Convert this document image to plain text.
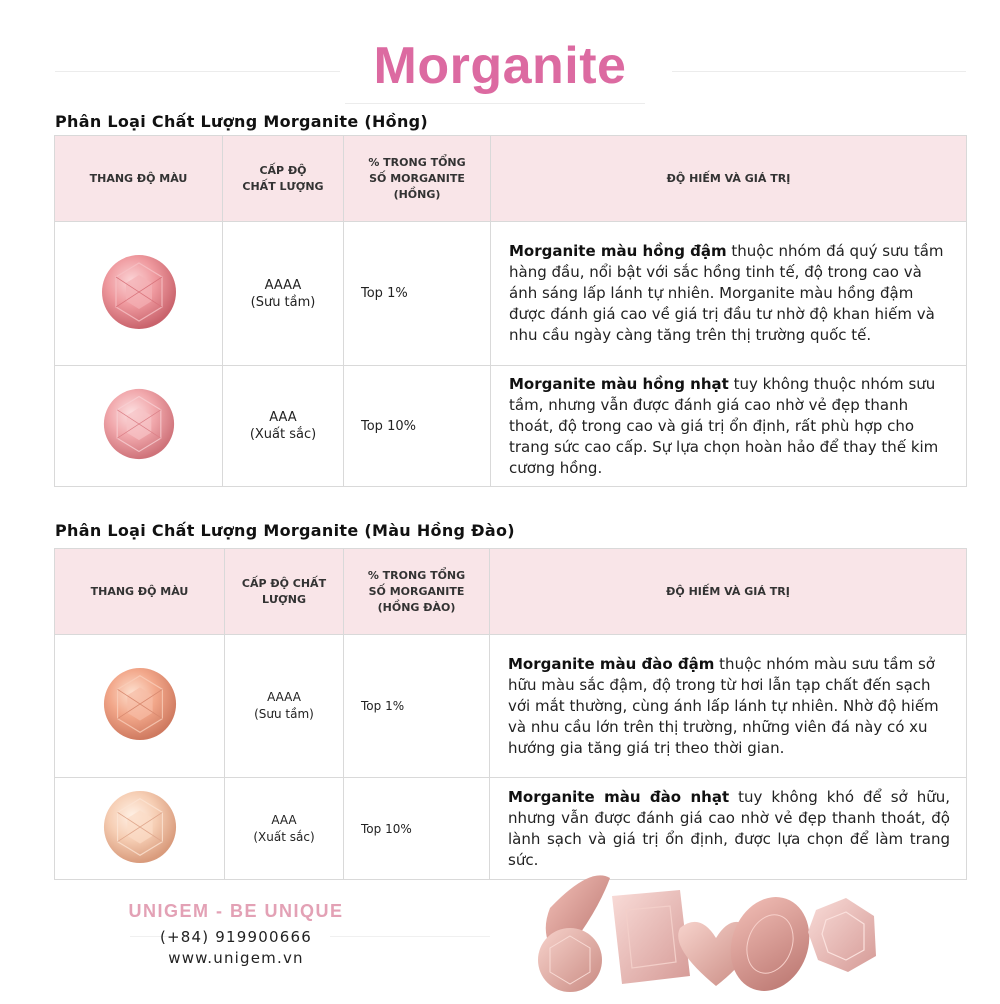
Morganite
Phân Loại Chất Lượng Morganite (Hồng)
THANG ĐỘ MÀU	CẤP ĐỘ CHẤT LƯỢNG	% TRONG TỔNG SỐ MORGANITE (HỒNG)	ĐỘ HIẾM VÀ GIÁ TRỊ

AAAA
(Sưu tầm)	Top 1%	Morganite màu hồng đậm thuộc nhóm đá quý sưu tầm hàng đầu, nổi bật với sắc hồng tinh tế, độ trong cao và ánh sáng lấp lánh tự nhiên. Morganite màu hồng đậm được đánh giá cao về giá trị đầu tư nhờ độ khan hiếm và nhu cầu ngày càng tăng trên thị trường quốc tế.

AAA
(Xuất sắc)	Top 10%	Morganite màu hồng nhạt tuy không thuộc nhóm sưu tầm, nhưng vẫn được đánh giá cao nhờ vẻ đẹp thanh thoát, độ trong cao và giá trị ổn định, rất phù hợp cho trang sức cao cấp. Sự lựa chọn hoàn hảo để thay thế kim cương hồng.
Phân Loại Chất Lượng Morganite (Màu Hồng Đào)
THANG ĐỘ MÀU	CẤP ĐỘ CHẤT LƯỢNG	% TRONG TỔNG SỐ MORGANITE (HỒNG ĐÀO)	ĐỘ HIẾM VÀ GIÁ TRỊ

AAAA
(Sưu tầm)	Top 1%	Morganite màu đào đậm thuộc nhóm màu sưu tầm sở hữu màu sắc đậm, độ trong từ hơi lẫn tạp chất đến sạch với mắt thường, cùng ánh lấp lánh tự nhiên. Nhờ độ hiếm và nhu cầu lớn trên thị trường, những viên đá này có xu hướng gia tăng giá trị theo thời gian.

AAA
(Xuất sắc)	Top 10%	Morganite màu đào nhạt tuy không khó để sở hữu, nhưng vẫn được đánh giá cao nhờ vẻ đẹp thanh thoát, độ lành sạch và giá trị ổn định, được lựa chọn để làm trang sức.
UNIGEM - BE UNIQUE
(+84) 919900666
www.unigem.vn
